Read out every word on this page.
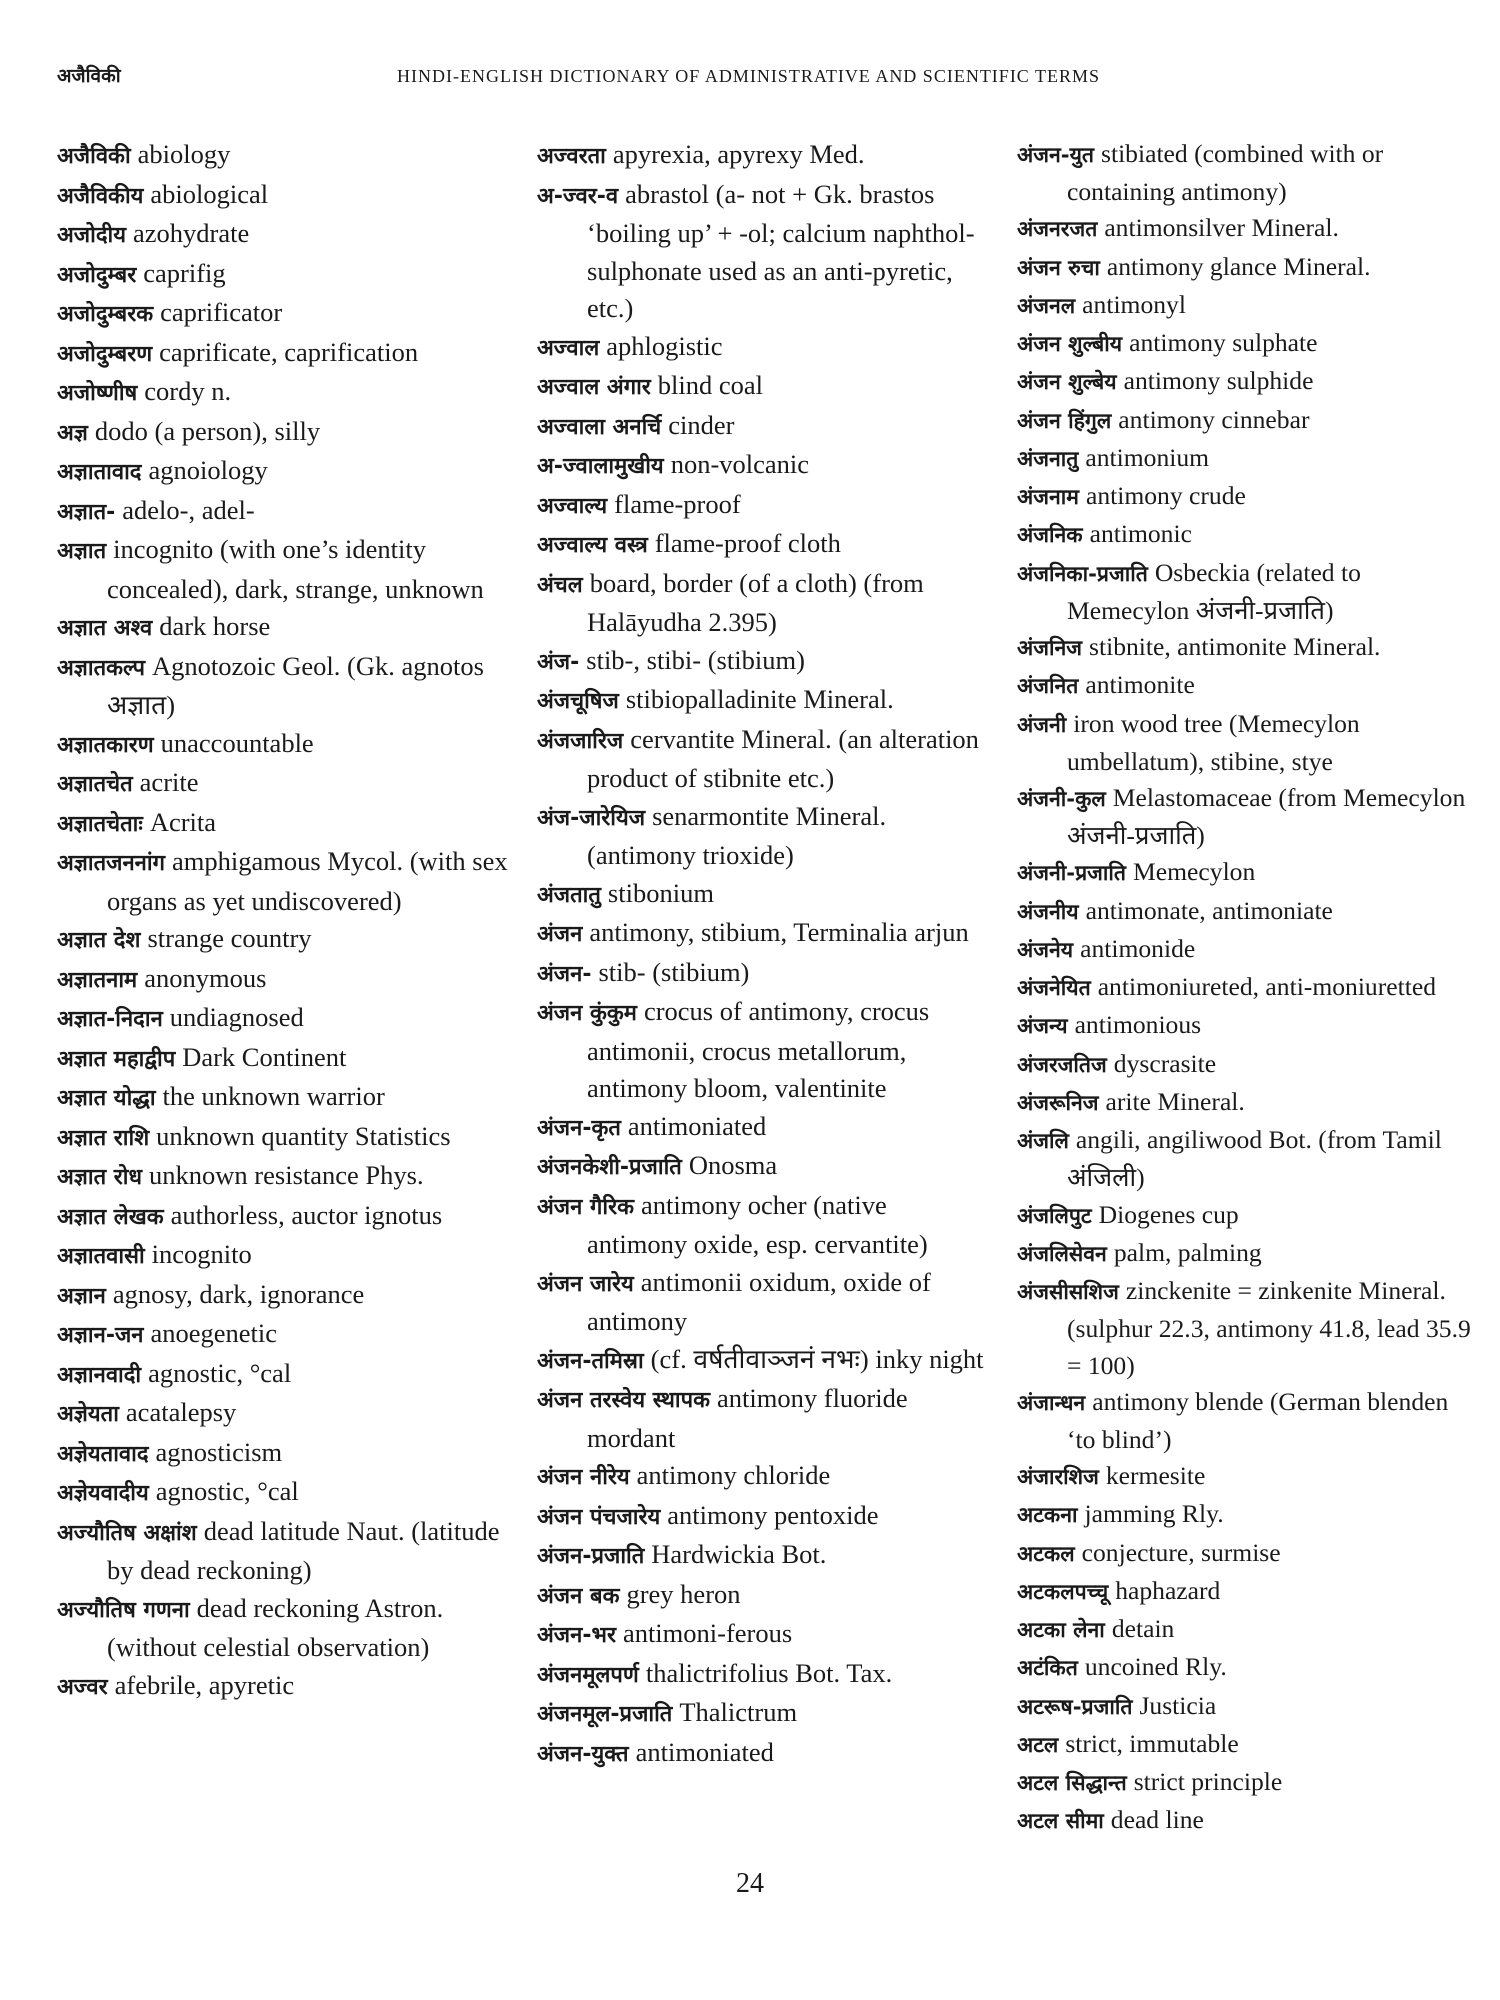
अजैविकी	HINDI-ENGLISH DICTIONARY OF ADMINISTRATIVE AND SCIENTIFIC TERMS

अजैविकी abiology

अजैविकीय abiological

अजोदीय azohydrate

अजोदुम्बर caprifig

अजोदुम्बरक caprificator

अजोदुम्बरण caprificate, caprification

अजोष्णीष cordy n.

अज्ञ dodo (a person), silly

अज्ञातावाद agnoiology

अज्ञात- adelo-, adel-

अज्ञात incognito (with one’s identity concealed), dark, strange, unknown

अज्ञात अश्व dark horse

अज्ञातकल्प Agnotozoic Geol. (Gk. agnotos अज्ञात)

अज्ञातकारण unaccountable

अज्ञातचेत acrite

अज्ञातचेताः Acrita

अज्ञातजननांग amphigamous Mycol. (with sex organs as yet undiscovered)

अज्ञात देश strange country

अज्ञातनाम anonymous

अज्ञात-निदान undiagnosed

अज्ञात महाद्वीप Dark Continent

अज्ञात योद्धा the unknown warrior

अज्ञात राशि unknown quantity Statistics

अज्ञात रोध unknown resistance Phys.

अज्ञात लेखक authorless, auctor ignotus

अज्ञातवासी incognito

अज्ञान agnosy, dark, ignorance

अज्ञान-जन anoegenetic

अज्ञानवादी agnostic, °cal

अज्ञेयता acatalepsy

अज्ञेयतावाद agnosticism

अज्ञेयवादीय agnostic, °cal

अज्यौतिष अक्षांश dead latitude Naut. (latitude by dead reckoning)

अज्यौतिष गणना dead reckoning Astron. (without celestial observation)

अज्वर afebrile, apyretic

अज्वरता apyrexia, apyrexy Med.

अ-ज्वर-व abrastol (a- not + Gk. brastos ‘boiling up’ + -ol; calcium naphthol-sulphonate used as an anti-pyretic, etc.)

अज्वाल aphlogistic

अज्वाल अंगार blind coal

अज्वाला अनर्चि cinder

अ-ज्वालामुखीय non-volcanic

अज्वाल्य flame-proof

अज्वाल्य वस्त्र flame-proof cloth

अंचल board, border (of a cloth) (from Halāyudha 2.395)

अंज- stib-, stibi- (stibium)

अंजचूषिज stibiopalladinite Mineral.

अंजजारिज cervantite Mineral. (an alteration product of stibnite etc.)

अंज-जारेयिज senarmontite Mineral. (antimony trioxide)

अंजतातु stibonium

अंजन antimony, stibium, Terminalia arjun

अंजन- stib- (stibium)

अंजन कुंकुम crocus of antimony, crocus antimonii, crocus metallorum, antimony bloom, valentinite

अंजन-कृत antimoniated

अंजनकेशी-प्रजाति Onosma

अंजन गैरिक antimony ocher (native antimony oxide, esp. cervantite)

अंजन जारेय antimonii oxidum, oxide of antimony

अंजन-तमिस्रा (cf. वर्षतीवाञ्जनं नभः) inky night

अंजन तरस्वेय स्थापक antimony fluoride mordant

अंजन नीरेय antimony chloride

अंजन पंचजारेय antimony pentoxide

अंजन-प्रजाति Hardwickia Bot.

अंजन बक grey heron

अंजन-भर antimoni-ferous

अंजनमूलपर्ण thalictrifolius Bot. Tax.

अंजनमूल-प्रजाति Thalictrum

अंजन-युक्त antimoniated

अंजन-युत stibiated (combined with or containing antimony)

अंजनरजत antimonsilver Mineral.

अंजन रुचा antimony glance Mineral.

अंजनल antimonyl

अंजन शुल्बीय antimony sulphate

अंजन शुल्बेय antimony sulphide

अंजन हिंगुल antimony cinnebar

अंजनातु antimonium

अंजनाम antimony crude

अंजनिक antimonic

अंजनिका-प्रजाति Osbeckia (related to Memecylon अंजनी-प्रजाति)

अंजनिज stibnite, antimonite Mineral.

अंजनित antimonite

अंजनी iron wood tree (Memecylon umbellatum), stibine, stye

अंजनी-कुल Melastomaceae (from Memecylon अंजनी-प्रजाति)

अंजनी-प्रजाति Memecylon

अंजनीय antimonate, antimoniate

अंजनेय antimonide

अंजनेयित antimoniureted, anti-moniuretted

अंजन्य antimonious

अंजरजतिज dyscrasite

अंजरूनिज arite Mineral.

अंजलि angili, angiliwood Bot. (from Tamil अंजिली)

अंजलिपुट Diogenes cup

अंजलिसेवन palm, palming

अंजसीसशिज zinckenite = zinkenite Mineral. (sulphur 22.3, antimony 41.8, lead 35.9 = 100)

अंजान्धन antimony blende (German blenden ‘to blind’)

अंजारशिज kermesite

अटकना jamming Rly.

अटकल conjecture, surmise

अटकलपच्चू haphazard

अटका लेना detain

अटंकित uncoined Rly.

अटरूष-प्रजाति Justicia

अटल strict, immutable

अटल सिद्धान्त strict principle

अटल सीमा dead line

24
